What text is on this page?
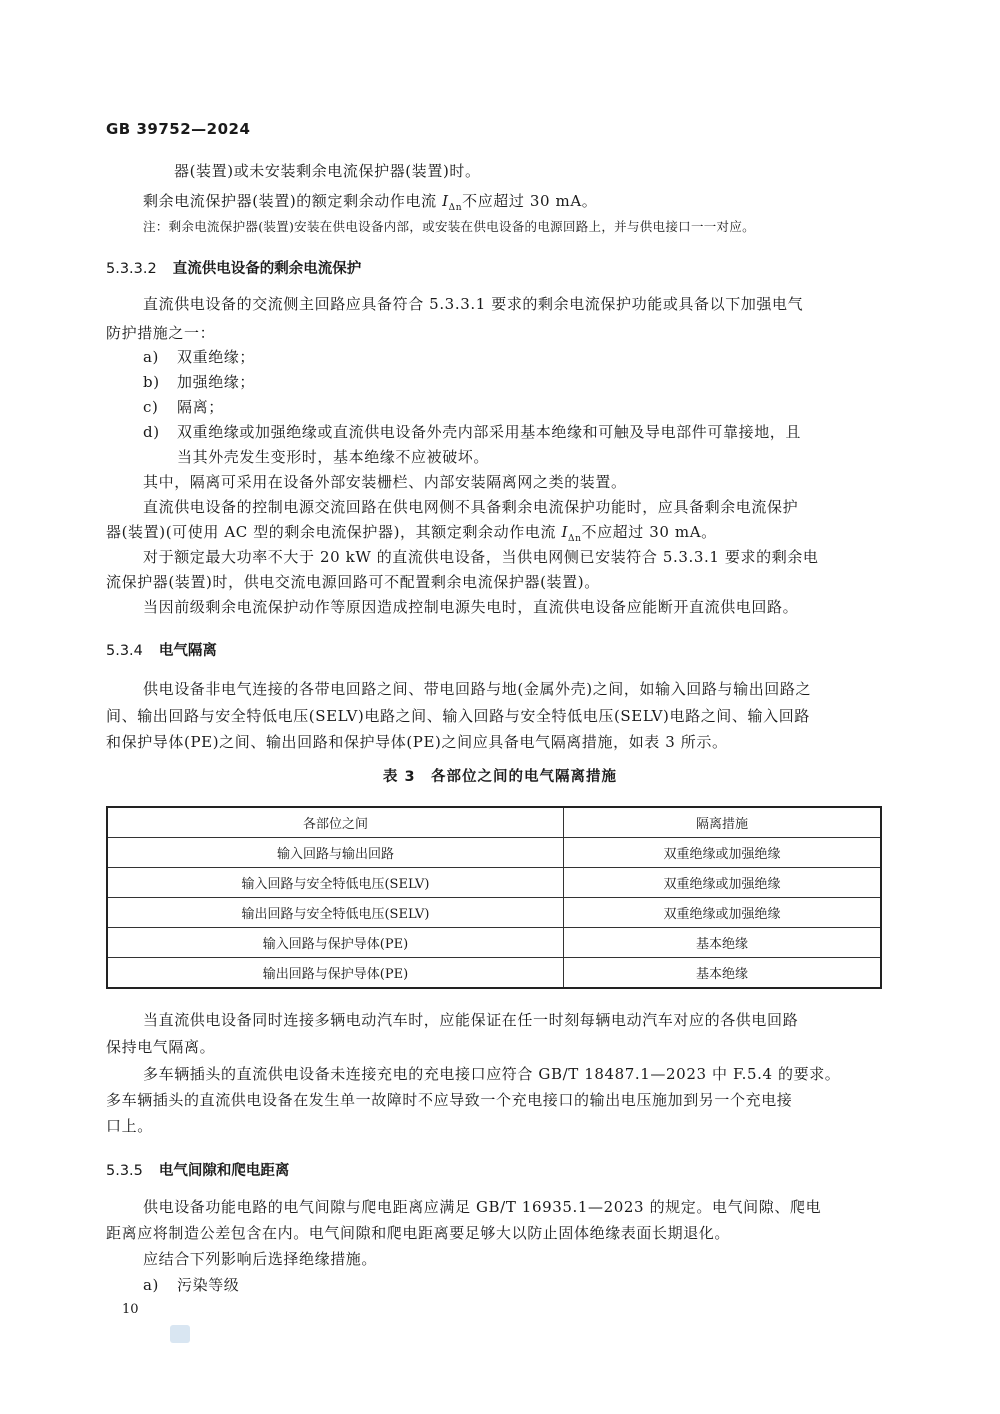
GB 39752—2024
器(装置)或未安装剩余电流保护器(装置)时。
剩余电流保护器(装置)的额定剩余动作电流 $I_{\Delta n}$不应超过 30 mA。
注：剩余电流保护器(装置)安装在供电设备内部，或安装在供电设备的电源回路上，并与供电接口一一对应。
5.3.3.2 直流供电设备的剩余电流保护
直流供电设备的交流侧主回路应具备符合 5.3.3.1 要求的剩余电流保护功能或具备以下加强电气
防护措施之一：
a) 双重绝缘；
b) 加强绝缘；
c) 隔离；
d) 双重绝缘或加强绝缘或直流供电设备外壳内部采用基本绝缘和可触及导电部件可靠接地，且
当其外壳发生变形时，基本绝缘不应被破坏。
其中，隔离可采用在设备外部安装栅栏、内部安装隔离网之类的装置。
直流供电设备的控制电源交流回路在供电网侧不具备剩余电流保护功能时，应具备剩余电流保护
器(装置)(可使用 AC 型的剩余电流保护器)，其额定剩余动作电流 $I_{\Delta n}$不应超过 30 mA。
对于额定最大功率不大于 20 kW 的直流供电设备，当供电网侧已安装符合 5.3.3.1 要求的剩余电
流保护器(装置)时，供电交流电源回路可不配置剩余电流保护器(装置)。
当因前级剩余电流保护动作等原因造成控制电源失电时，直流供电设备应能断开直流供电回路。
5.3.4 电气隔离
供电设备非电气连接的各带电回路之间、带电回路与地(金属外壳)之间，如输入回路与输出回路之
间、输出回路与安全特低电压(SELV)电路之间、输入回路与安全特低电压(SELV)电路之间、输入回路
和保护导体(PE)之间、输出回路和保护导体(PE)之间应具备电气隔离措施，如表 3 所示。
表 3　各部位之间的电气隔离措施
各部位之间	隔离措施
输入回路与输出回路	双重绝缘或加强绝缘
输入回路与安全特低电压(SELV)	双重绝缘或加强绝缘
输出回路与安全特低电压(SELV)	双重绝缘或加强绝缘
输入回路与保护导体(PE)	基本绝缘
输出回路与保护导体(PE)	基本绝缘
当直流供电设备同时连接多辆电动汽车时，应能保证在任一时刻每辆电动汽车对应的各供电回路
保持电气隔离。
多车辆插头的直流供电设备未连接充电的充电接口应符合 GB/T 18487.1—2023 中 F.5.4 的要求。
多车辆插头的直流供电设备在发生单一故障时不应导致一个充电接口的输出电压施加到另一个充电接
口上。
5.3.5 电气间隙和爬电距离
供电设备功能电路的电气间隙与爬电距离应满足 GB/T 16935.1—2023 的规定。电气间隙、爬电
距离应将制造公差包含在内。电气间隙和爬电距离要足够大以防止固体绝缘表面长期退化。
应结合下列影响后选择绝缘措施。
a) 污染等级
10
